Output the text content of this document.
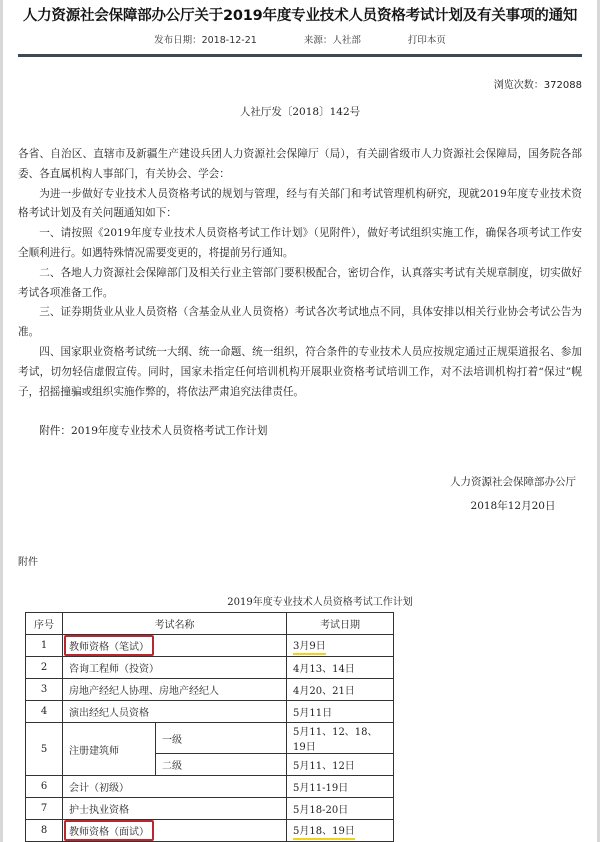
人力资源社会保障部办公厅关于2019年度专业技术人员资格考试计划及有关事项的通知
发布日期：2018-12-21	来源：人社部	打印本页
浏览次数：372088
人社厅发〔2018〕142号

各省、自治区、直辖市及新疆生产建设兵团人力资源社会保障厅（局），有关副省级市人力资源社会保障局，国务院各部委、各直属机构人事部门，有关协会、学会：

为进一步做好专业技术人员资格考试的规划与管理，经与有关部门和考试管理机构研究，现就2019年度专业技术资格考试计划及有关问题通知如下：

一、请按照《2019年度专业技术人员资格考试工作计划》（见附件），做好考试组织实施工作，确保各项考试工作安全顺利进行。如遇特殊情况需要变更的，将提前另行通知。

二、各地人力资源社会保障部门及相关行业主管部门要积极配合，密切合作，认真落实考试有关规章制度，切实做好考试各项准备工作。

三、证券期货业从业人员资格（含基金从业人员资格）考试各次考试地点不同，具体安排以相关行业协会考试公告为准。

四、国家职业资格考试统一大纲、统一命题、统一组织，符合条件的专业技术人员应按规定通过正规渠道报名、参加考试，切勿轻信虚假宣传。同时，国家未指定任何培训机构开展职业资格考试培训工作，对不法培训机构打着“保过”幌子，招摇撞骗或组织实施作弊的，将依法严肃追究法律责任。

附件：2019年度专业技术人员资格考试工作计划

人力资源社会保障部办公厅
2018年12月20日
附件
2019年度专业技术人员资格考试工作计划
序号	考试名称		考试日期
1	教师资格（笔试）		3月9日
2	咨询工程师（投资）		4月13、14日
3	房地产经纪人协理、房地产经纪人		4月20、21日
4	演出经纪人员资格		5月11日
5	注册建筑师	一级	5月11、12、18、19日
		二级	5月11、12日
6	会计（初级）		5月11-19日
7	护士执业资格		5月18-20日
8	教师资格（面试）		5月18、19日
